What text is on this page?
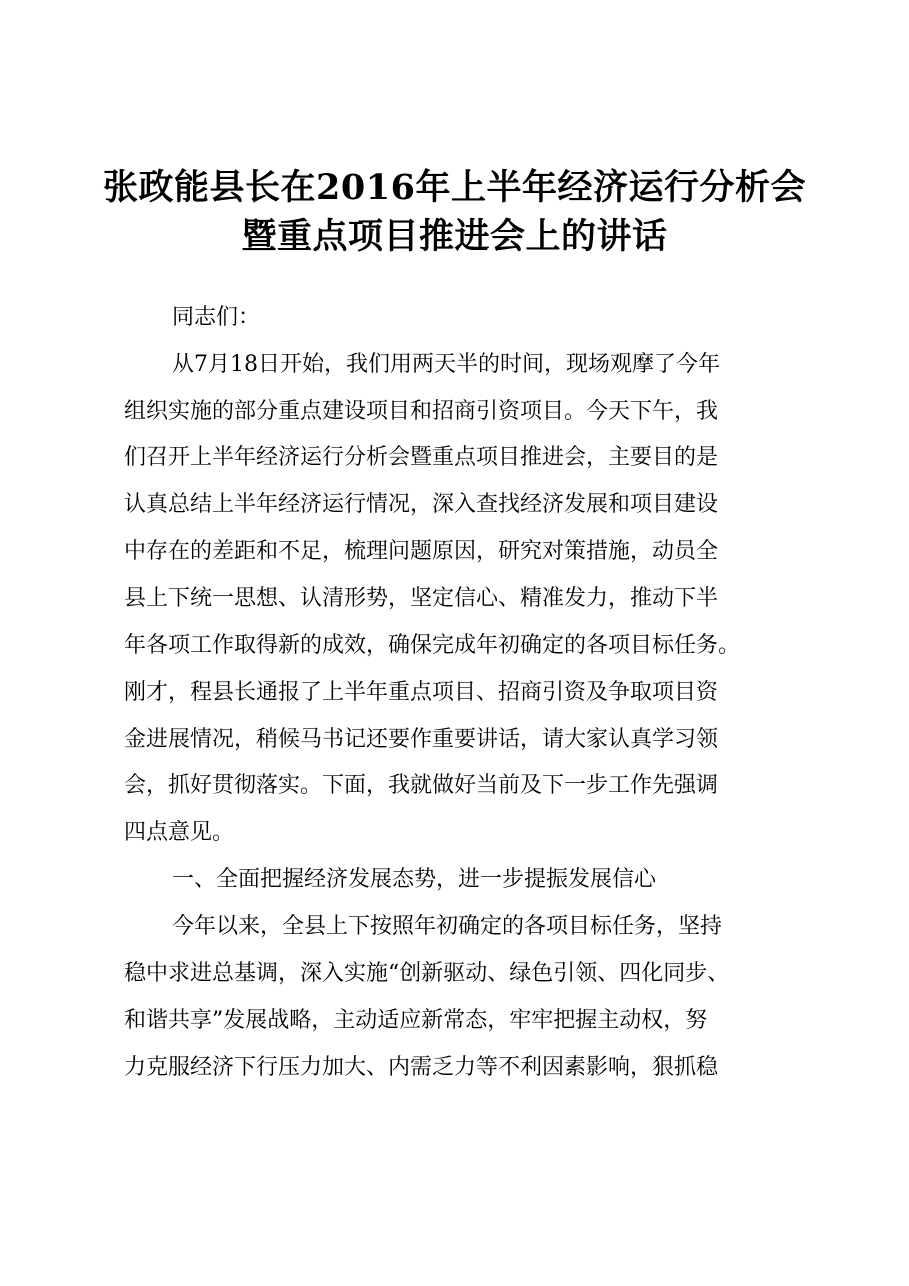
张政能县长在2016年上半年经济运行分析会
暨重点项目推进会上的讲话
同志们：
从7月18日开始，我们用两天半的时间，现场观摩了今年
组织实施的部分重点建设项目和招商引资项目。今天下午，我
们召开上半年经济运行分析会暨重点项目推进会，主要目的是
认真总结上半年经济运行情况，深入查找经济发展和项目建设
中存在的差距和不足，梳理问题原因，研究对策措施，动员全
县上下统一思想、认清形势，坚定信心、精准发力，推动下半
年各项工作取得新的成效，确保完成年初确定的各项目标任务。
刚才，程县长通报了上半年重点项目、招商引资及争取项目资
金进展情况，稍候马书记还要作重要讲话，请大家认真学习领
会，抓好贯彻落实。下面，我就做好当前及下一步工作先强调
四点意见。
一、全面把握经济发展态势，进一步提振发展信心
今年以来，全县上下按照年初确定的各项目标任务，坚持
稳中求进总基调，深入实施“创新驱动、绿色引领、四化同步、
和谐共享”发展战略，主动适应新常态，牢牢把握主动权，努
力克服经济下行压力加大、内需乏力等不利因素影响，狠抓稳
